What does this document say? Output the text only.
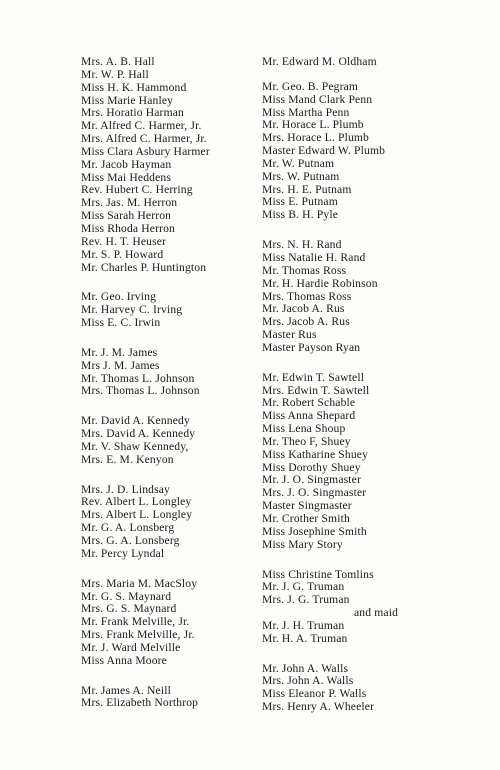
Mrs. A. B. Hall
Mr. W. P. Hall
Miss H. K. Hammond
Miss Marie Hanley
Mrs. Horatio Harman
Mr. Alfred C. Harmer, Jr.
Mrs. Alfred C. Harmer, Jr.
Miss Clara Asbury Harmer
Mr. Jacob Hayman
Miss Mai Heddens
Rev. Hubert C. Herring
Mrs. Jas. M. Herron
Miss Sarah Herron
Miss Rhoda Herron
Rev. H. T. Heuser
Mr. S. P. Howard
Mr. Charles P. Huntington
Mr. Geo. Irving
Mr. Harvey C. Irving
Miss E. C. Irwin
Mr. J. M. James
Mrs J. M. James
Mr. Thomas L. Johnson
Mrs. Thomas L. Johnson
Mr. David A. Kennedy
Mrs. David A. Kennedy
Mr. V. Shaw Kennedy,
Mrs. E. M. Kenyon
Mrs. J. D. Lindsay
Rev. Albert L. Longley
Mrs. Albert L. Longley
Mr. G. A. Lonsberg
Mrs. G. A. Lonsberg
Mr. Percy Lyndal
Mrs. Maria M. MacSloy
Mr. G. S. Maynard
Mrs. G. S. Maynard
Mr. Frank Melville, Jr.
Mrs. Frank Melville, Jr.
Mr. J. Ward Melville
Miss Anna Moore
Mr. James A. Neill
Mrs. Elizabeth Northrop
Mr. Edward M. Oldham
Mr. Geo. B. Pegram
Miss Mand Clark Penn
Miss Martha Penn
Mr. Horace L. Plumb
Mrs. Horace L. Plumb
Master Edward W. Plumb
Mr. W. Putnam
Mrs. W. Putnam
Mrs. H. E. Putnam
Miss E. Putnam
Miss B. H. Pyle
Mrs. N. H. Rand
Miss Natalie H. Rand
Mr. Thomas Ross
Mr. H. Hardie Robinson
Mrs. Thomas Ross
Mr. Jacob A. Rus
Mrs. Jacob A. Rus
Master Rus
Master Payson Ryan
Mr. Edwin T. Sawtell
Mrs. Edwin T. Sawtell
Mr. Robert Schable
Miss Anna Shepard
Miss Lena Shoup
Mr. Theo F, Shuey
Miss Katharine Shuey
Miss Dorothy Shuey
Mr. J. O. Singmaster
Mrs. J. O. Singmaster
Master Singmaster
Mr. Crother Smith
Miss Josephine Smith
Miss Mary Story
Miss Christine Tomlins
Mr. J. G. Truman
Mrs. J. G. Truman
and maid
Mr. J. H. Truman
Mr. H. A. Truman
Mr. John A. Walls
Mrs. John A. Walls
Miss Eleanor P. Walls
Mrs. Henry A. Wheeler
